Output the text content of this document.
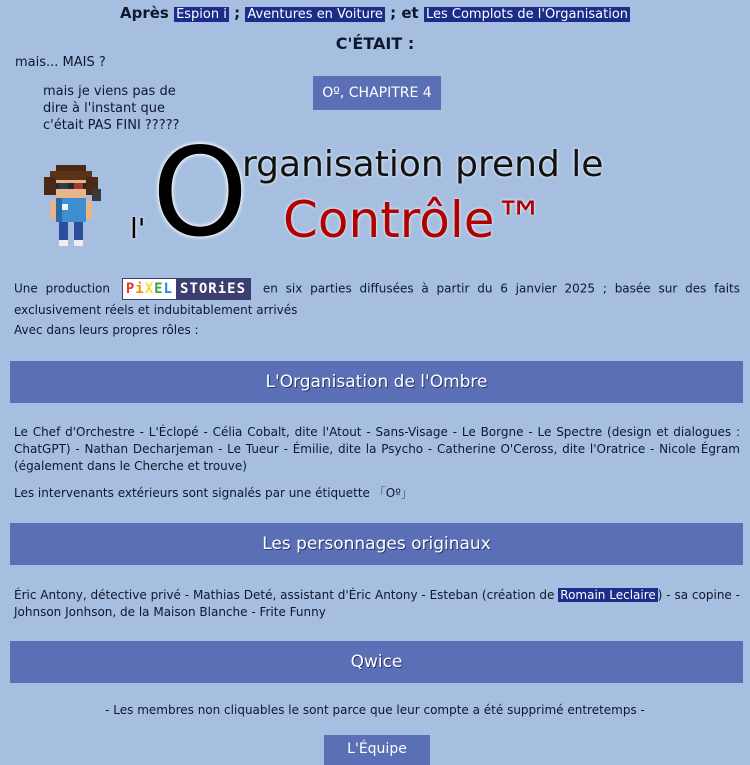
Après Espion i ; Aventures en Voiture ; et Les Complots de l'Organisation
C'ÉTAIT :
mais... MAIS ?
mais je viens pas de dire à l'instant que c'était PAS FINI ?????
Oº, CHAPITRE 4
l' O
rganisation prend le
Contrôle™
Une production PiXEL STORiES	en six parties diffusées à partir du 6 janvier 2025 ; basée sur des faits exclusivement réels et indubitablement arrivés
Avec dans leurs propres rôles :
L'Organisation de l'Ombre
Le Chef d'Orchestre - L'Éclopé - Célia Cobalt, dite l'Atout - Sans-Visage - Le Borgne - Le Spectre (design et dialogues : ChatGPT) - Nathan Decharjeman - Le Tueur - Émilie, dite la Psycho - Catherine O'Ceross, dite l'Oratrice - Nicole Égram (également dans le Cherche et trouve)
Les intervenants extérieurs sont signalés par une étiquette 「Oº」
Les personnages originaux
Éric Antony, détective privé - Mathias Deté, assistant d'Éric Antony - Esteban (création de Romain Leclaire ) - sa copine - Johnson Jonhson, de la Maison Blanche - Frite Funny
Qwice
- Les membres non cliquables le sont parce que leur compte a été supprimé entretemps -
L'Équipe
